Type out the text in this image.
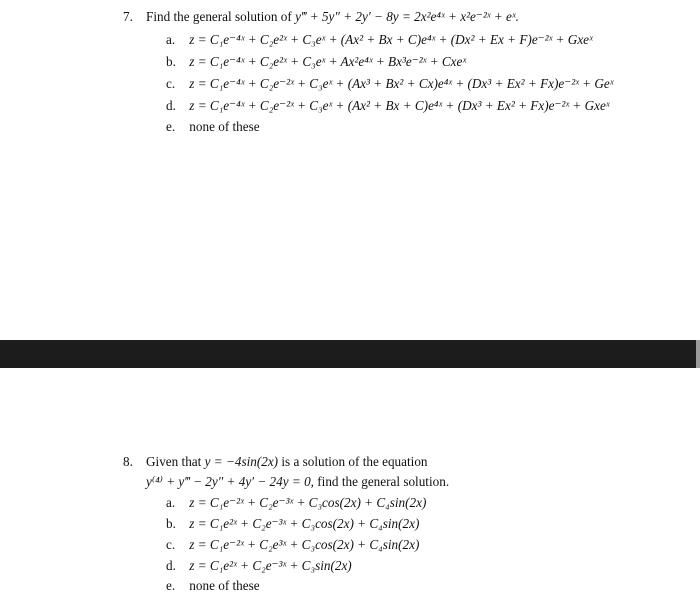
7. Find the general solution of y‴ + 5y″ + 2y′ − 8y = 2x²e⁴ˣ + x²e⁻²ˣ + eˣ.
a. z = C₁e⁻⁴ˣ + C₂e²ˣ + C₃eˣ + (Ax² + Bx + C)e⁴ˣ + (Dx² + Ex + F)e⁻²ˣ + Gxeˣ
b. z = C₁e⁻⁴ˣ + C₂e²ˣ + C₃eˣ + Ax²e⁴ˣ + Bx³e⁻²ˣ + Cxeˣ
c. z = C₁e⁻⁴ˣ + C₂e⁻²ˣ + C₃eˣ + (Ax³ + Bx² + Cx)e⁴ˣ + (Dx³ + Ex² + Fx)e⁻²ˣ + Geˣ
d. z = C₁e⁻⁴ˣ + C₂e⁻²ˣ + C₃eˣ + (Ax² + Bx + C)e⁴ˣ + (Dx³ + Ex² + Fx)e⁻²ˣ + Gxeˣ
e. none of these
8. Given that y = −4sin(2x) is a solution of the equation
y⁽⁴⁾ + y‴ − 2y″ + 4y′ − 24y = 0, find the general solution.
a. z = C₁e⁻²ˣ + C₂e⁻³ˣ + C₃cos(2x) + C₄sin(2x)
b. z = C₁e²ˣ + C₂e⁻³ˣ + C₃cos(2x) + C₄sin(2x)
c. z = C₁e⁻²ˣ + C₂e³ˣ + C₃cos(2x) + C₄sin(2x)
d. z = C₁e²ˣ + C₂e⁻³ˣ + C₃sin(2x)
e. none of these
